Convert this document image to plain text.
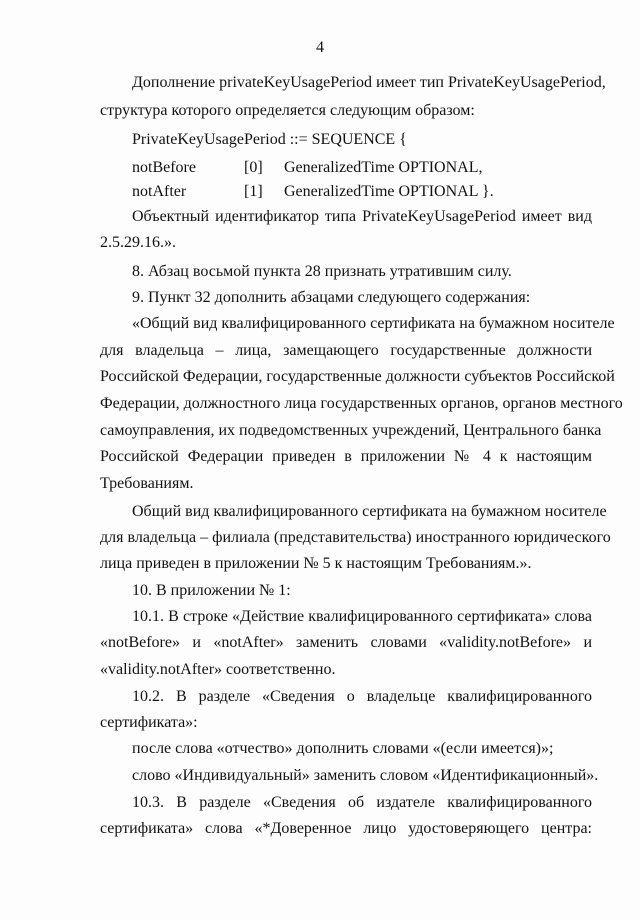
4
Дополнение privateKeyUsagePeriod имеет тип PrivateKeyUsagePeriod,
структура которого определяется следующим образом:
PrivateKeyUsagePeriod ::= SEQUENCE {
notBefore	[0] GeneralizedTime OPTIONAL,
notAfter	[1] GeneralizedTime OPTIONAL }.
Объектный идентификатор типа PrivateKeyUsagePeriod имеет вид
2.5.29.16.».
8. Абзац восьмой пункта 28 признать утратившим силу.
9. Пункт 32 дополнить абзацами следующего содержания:
«Общий вид квалифицированного сертификата на бумажном носителе
для владельца – лица, замещающего государственные должности
Российской Федерации, государственные должности субъектов Российской
Федерации, должностного лица государственных органов, органов местного
самоуправления, их подведомственных учреждений, Центрального банка
Российской Федерации приведен в приложении № 4 к настоящим
Требованиям.
Общий вид квалифицированного сертификата на бумажном носителе
для владельца – филиала (представительства) иностранного юридического
лица приведен в приложении № 5 к настоящим Требованиям.».
10. В приложении № 1:
10.1. В строке «Действие квалифицированного сертификата» слова
«notBefore» и «notAfter» заменить словами «validity.notBefore» и
«validity.notAfter» соответственно.
10.2. В разделе «Сведения о владельце квалифицированного
сертификата»:
после слова «отчество» дополнить словами «(если имеется)»;
слово «Индивидуальный» заменить словом «Идентификационный».
10.3. В разделе «Сведения об издателе квалифицированного
сертификата» слова «*Доверенное лицо удостоверяющего центра:
